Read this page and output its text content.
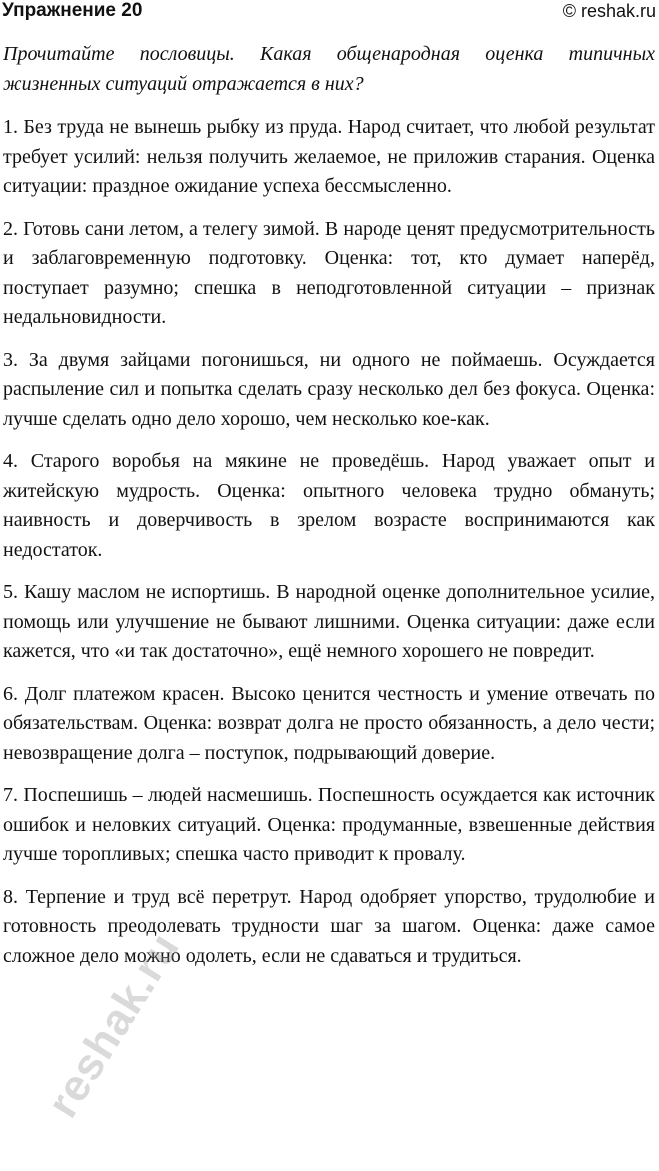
Упражнение 20	© reshak.ru

Прочитайте пословицы. Какая общенародная оценка типичных жизненных ситуаций отражается в них?

1. Без труда не вынешь рыбку из пруда. Народ считает, что любой результат требует усилий: нельзя получить желаемое, не приложив старания. Оценка ситуации: праздное ожидание успеха бессмысленно.

2. Готовь сани летом, а телегу зимой. В народе ценят предусмотрительность и заблаговременную подготовку. Оценка: тот, кто думает наперёд, поступает разумно; спешка в неподготовленной ситуации – признак недальновидности.

3. За двумя зайцами погонишься, ни одного не поймаешь. Осуждается распыление сил и попытка сделать сразу несколько дел без фокуса. Оценка: лучше сделать одно дело хорошо, чем несколько кое-как.

4. Старого воробья на мякине не проведёшь. Народ уважает опыт и житейскую мудрость. Оценка: опытного человека трудно обмануть; наивность и доверчивость в зрелом возрасте воспринимаются как недостаток.

5. Кашу маслом не испортишь. В народной оценке дополнительное усилие, помощь или улучшение не бывают лишними. Оценка ситуации: даже если кажется, что «и так достаточно», ещё немного хорошего не повредит.

6. Долг платежом красен. Высоко ценится честность и умение отвечать по обязательствам. Оценка: возврат долга не просто обязанность, а дело чести; невозвращение долга – поступок, подрывающий доверие.

7. Поспешишь – людей насмешишь. Поспешность осуждается как источник ошибок и неловких ситуаций. Оценка: продуманные, взвешенные действия лучше торопливых; спешка часто приводит к провалу.

8. Терпение и труд всё перетрут. Народ одобряет упорство, трудолюбие и готовность преодолевать трудности шаг за шагом. Оценка: даже самое сложное дело можно одолеть, если не сдаваться и трудиться.

reshak.ru
